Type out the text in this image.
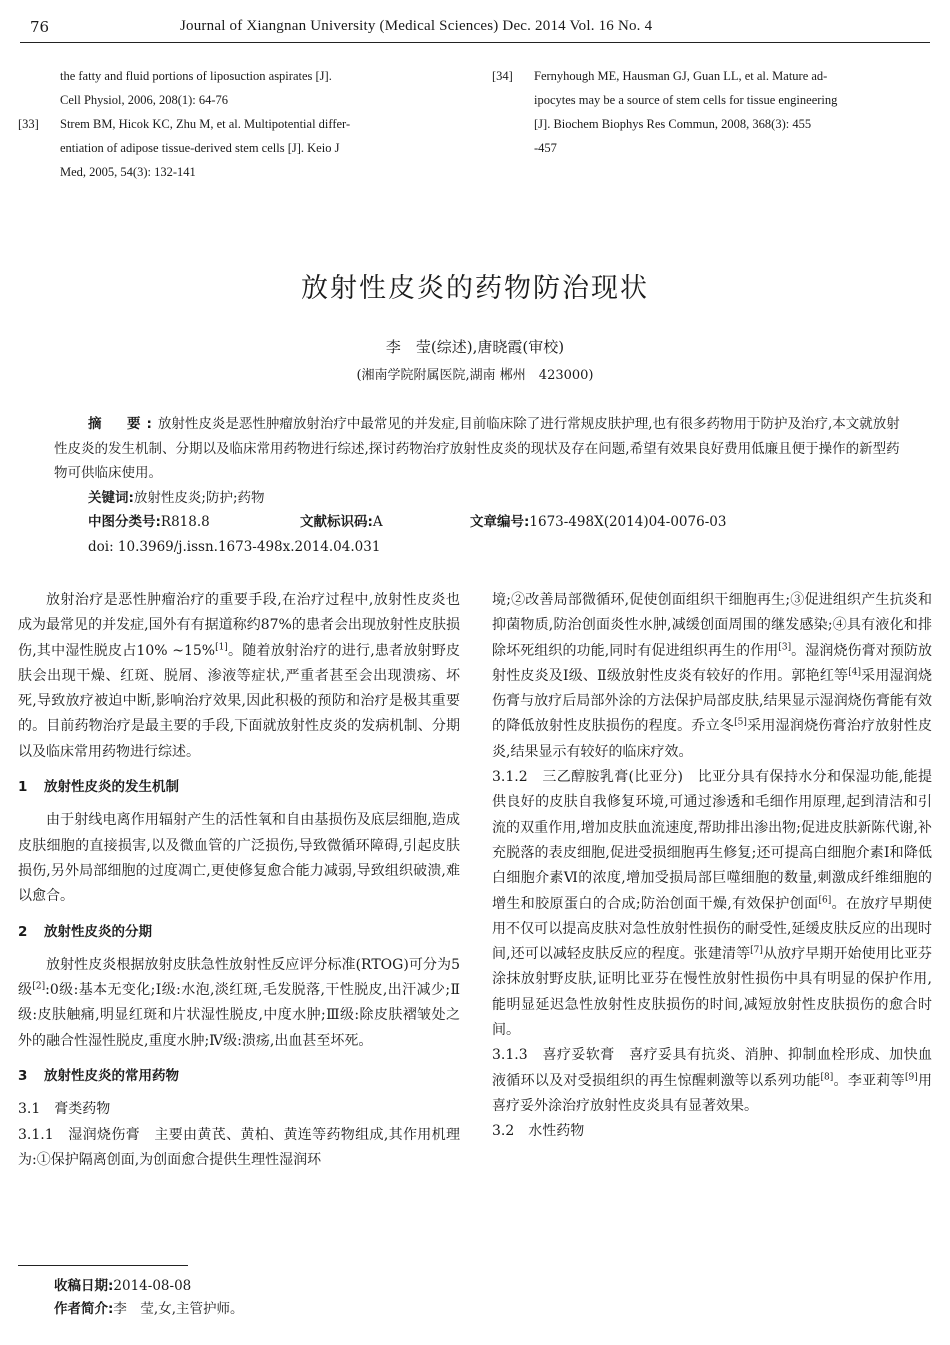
76	Journal of Xiangnan University (Medical Sciences) Dec. 2014 Vol. 16 No. 4
the fatty and fluid portions of liposuction aspirates [J].
Cell Physiol, 2006, 208(1): 64-76
[33] Strem BM, Hicok KC, Zhu M, et al. Multipotential differ-
entiation of adipose tissue-derived stem cells [J]. Keio J
Med, 2005, 54(3): 132-141
[34] Fernyhough ME, Hausman GJ, Guan LL, et al. Mature ad-
ipocytes may be a source of stem cells for tissue engineering
[J]. Biochem Biophys Res Commun, 2008, 368(3): 455
-457
放射性皮炎的药物防治现状
李　莹(综述),唐晓霞(审校)
(湘南学院附属医院,湖南 郴州　423000)

摘　要:放射性皮炎是恶性肿瘤放射治疗中最常见的并发症,目前临床除了进行常规皮肤护理,也有很多药物用于防护及治疗,本文就放射性皮炎的发生机制、分期以及临床常用药物进行综述,探讨药物治疗放射性皮炎的现状及存在问题,希望有效果良好费用低廉且便于操作的新型药物可供临床使用。

关键词:放射性皮炎;防护;药物
中图分类号:R818.8	文献标识码:A	文章编号:1673-498X(2014)04-0076-03
doi: 10.3969/j.issn.1673-498x.2014.04.031

放射治疗是恶性肿瘤治疗的重要手段,在治疗过程中,放射性皮炎也成为最常见的并发症,国外有有据道称约87%的患者会出现放射性皮肤损伤,其中湿性脱皮占10% ~15%[1]。随着放射治疗的进行,患者放射野皮肤会出现干燥、红斑、脱屑、渗液等症状,严重者甚至会出现溃疡、坏死,导致放疗被迫中断,影响治疗效果,因此积极的预防和治疗是极其重要的。目前药物治疗是最主要的手段,下面就放射性皮炎的发病机制、分期以及临床常用药物进行综述。

1 放射性皮炎的发生机制

由于射线电离作用辐射产生的活性氧和自由基损伤及底层细胞,造成皮肤细胞的直接损害,以及微血管的广泛损伤,导致微循环障碍,引起皮肤损伤,另外局部细胞的过度凋亡,更使修复愈合能力减弱,导致组织破溃,难以愈合。

2 放射性皮炎的分期

放射性皮炎根据放射皮肤急性放射性反应评分标准(RTOG)可分为5级[2]:0级:基本无变化;Ⅰ级:水泡,淡红斑,毛发脱落,干性脱皮,出汗减少;Ⅱ级:皮肤触痛,明显红斑和片状湿性脱皮,中度水肿;Ⅲ级:除皮肤褶皱处之外的融合性湿性脱皮,重度水肿;Ⅳ级:溃疡,出血甚至坏死。

3 放射性皮炎的常用药物

3.1　膏类药物

3.1.1　湿润烧伤膏　主要由黄芪、黄柏、黄连等药物组成,其作用机理为:①保护隔离创面,为创面愈合提供生理性湿润环

境;②改善局部微循环,促使创面组织干细胞再生;③促进组织产生抗炎和抑菌物质,防治创面炎性水肿,减缓创面周围的继发感染;④具有液化和排除坏死组织的功能,同时有促进组织再生的作用[3]。湿润烧伤膏对预防放射性皮炎及Ⅰ级、Ⅱ级放射性皮炎有较好的作用。郭艳红等[4]采用湿润烧伤膏与放疗后局部外涂的方法保护局部皮肤,结果显示湿润烧伤膏能有效的降低放射性皮肤损伤的程度。乔立冬[5]采用湿润烧伤膏治疗放射性皮炎,结果显示有较好的临床疗效。

3.1.2　三乙醇胺乳膏(比亚分)　比亚分具有保持水分和保湿功能,能提供良好的皮肤自我修复环境,可通过渗透和毛细作用原理,起到清洁和引流的双重作用,增加皮肤血流速度,帮助排出渗出物;促进皮肤新陈代谢,补充脱落的表皮细胞,促进受损细胞再生修复;还可提高白细胞介素Ⅰ和降低白细胞介素Ⅵ的浓度,增加受损局部巨噬细胞的数量,刺激成纤维细胞的增生和胶原蛋白的合成;防治创面干燥,有效保护创面[6]。在放疗早期使用不仅可以提高皮肤对急性放射性损伤的耐受性,延缓皮肤反应的出现时间,还可以减轻皮肤反应的程度。张建清等[7]从放疗早期开始使用比亚芬涂抹放射野皮肤,证明比亚芬在慢性放射性损伤中具有明显的保护作用,能明显延迟急性放射性皮肤损伤的时间,减短放射性皮肤损伤的愈合时间。

3.1.3　喜疗妥软膏　喜疗妥具有抗炎、消肿、抑制血栓形成、加快血液循环以及对受损组织的再生惊醒刺激等以系列功能[8]。李亚莉等[9]用喜疗妥外涂治疗放射性皮炎具有显著效果。

3.2　水性药物

收稿日期:2014-08-08
作者简介:李　莹,女,主管护师。
